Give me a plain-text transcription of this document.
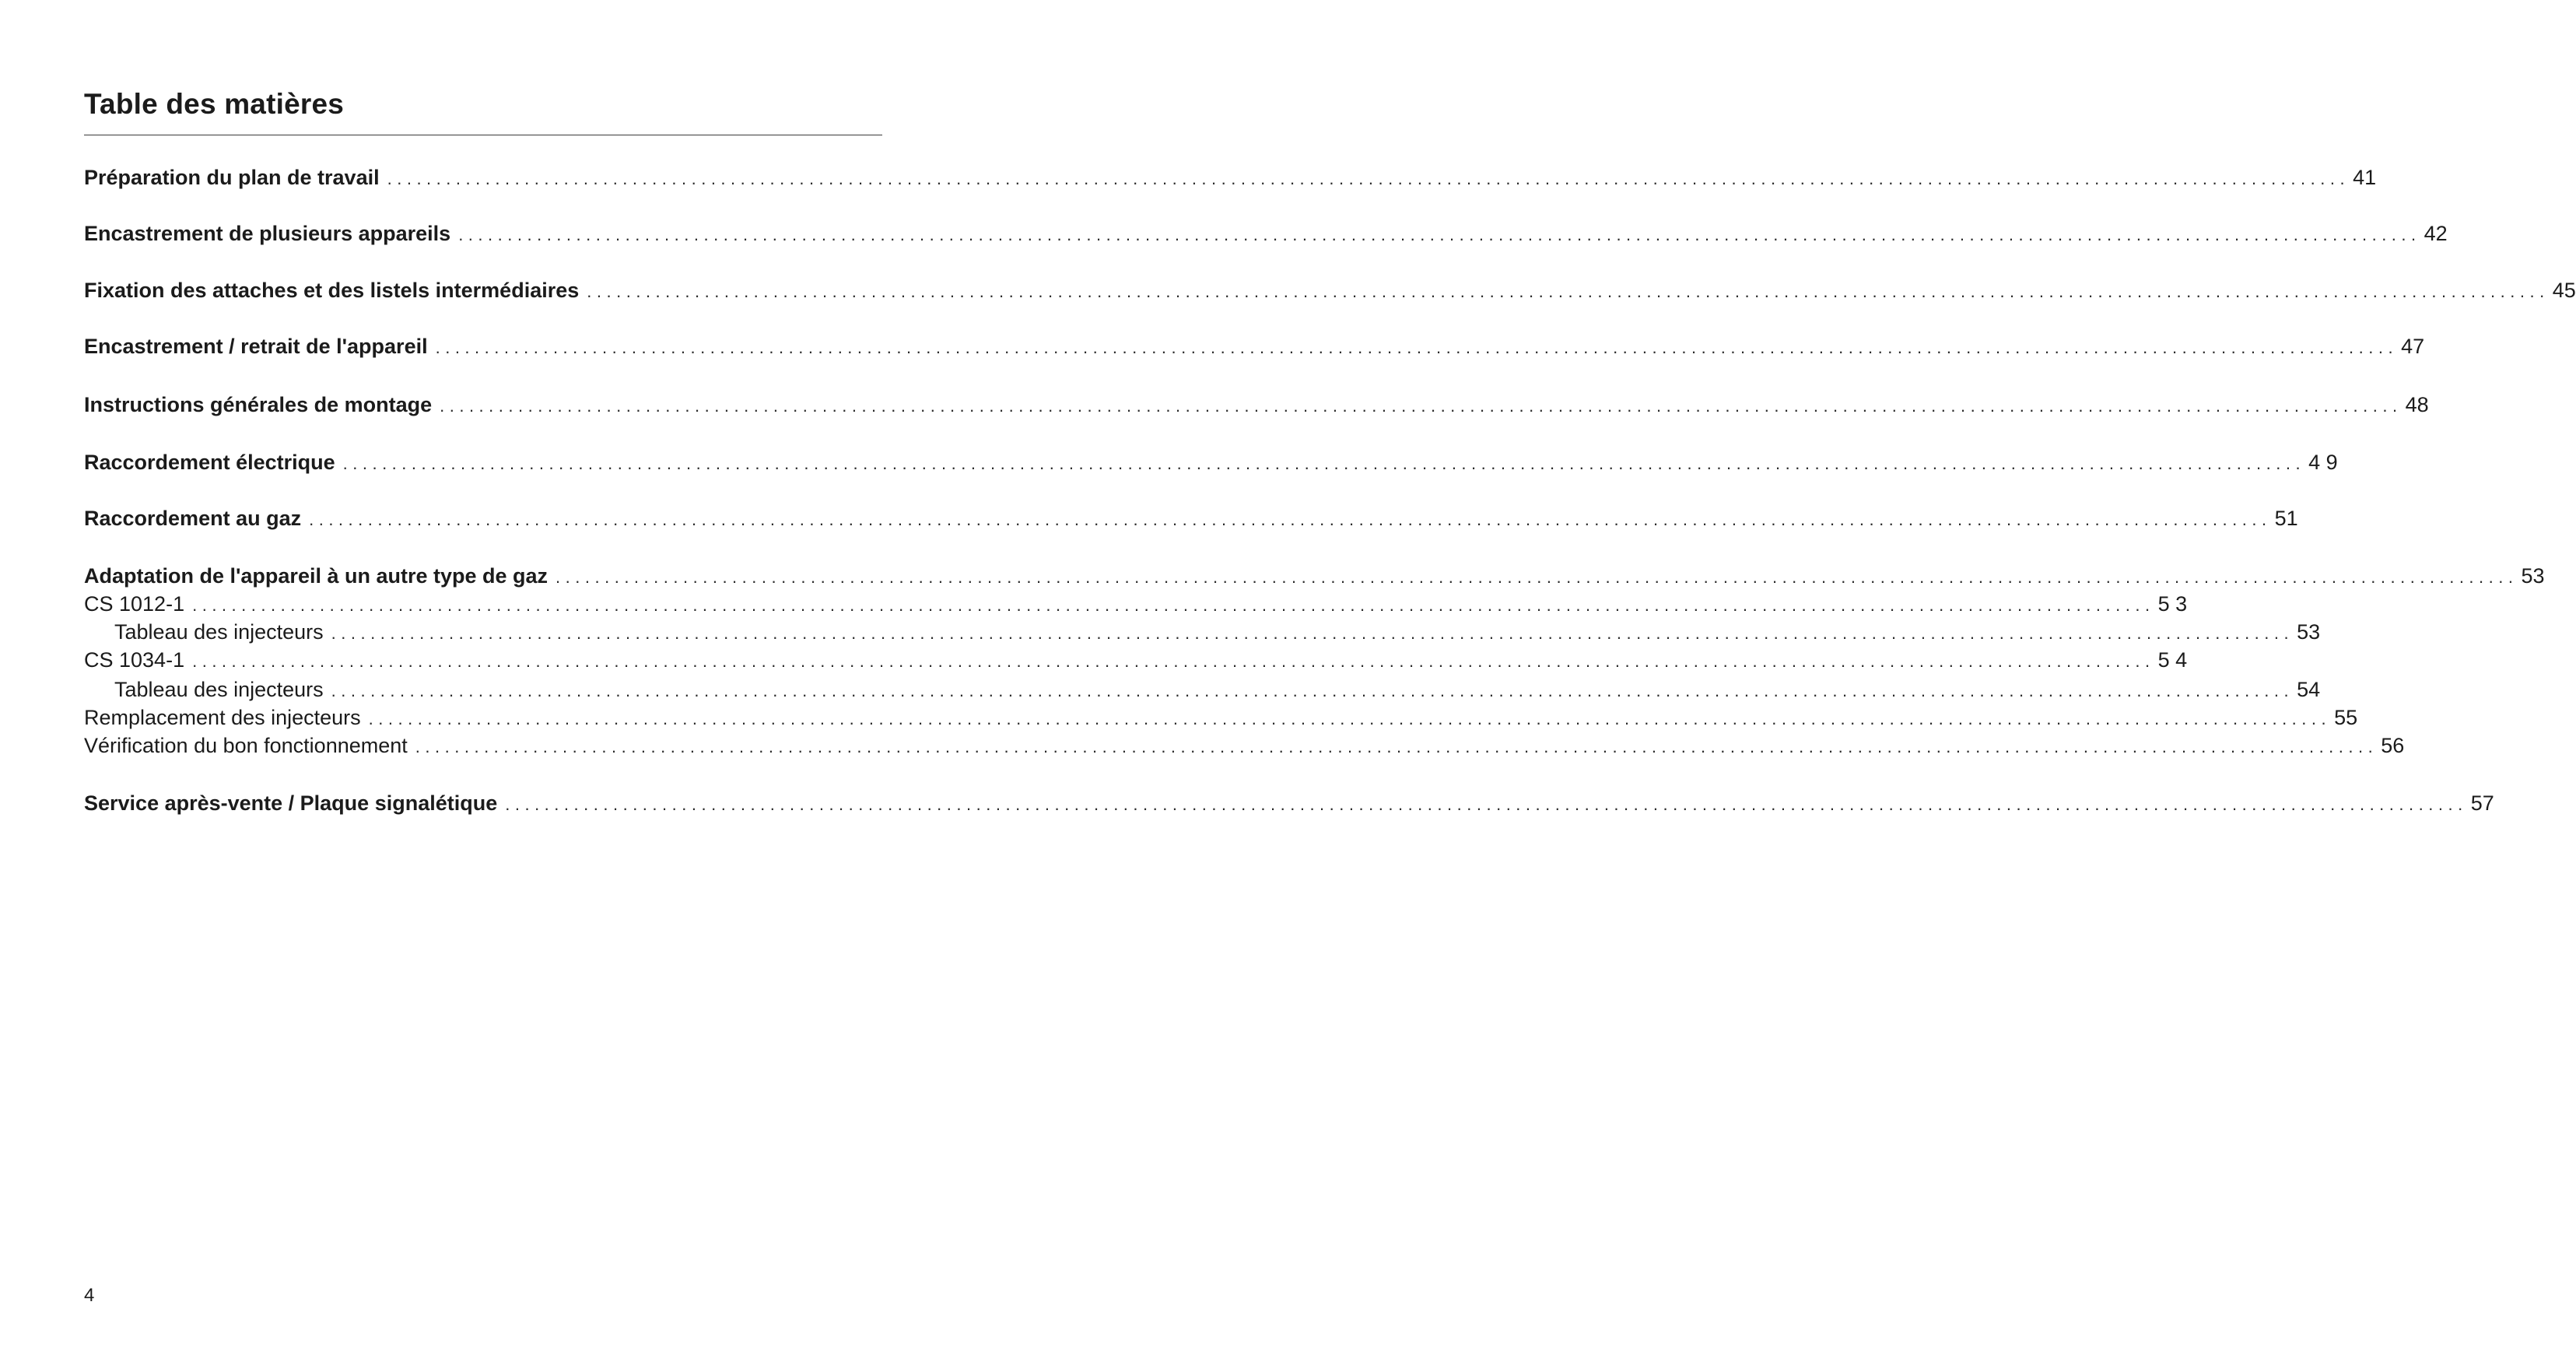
Table des matières
Préparation du plan de travail ........................................................................................................................................................................................................ 41
Encastrement de plusieurs appareils ........................................................................................................................................................................................................ 42
Fixation des attaches et des listels intermédiaires ........................................................................................................................................................................................................ 45
Encastrement / retrait de l'appareil ........................................................................................................................................................................................................ 47
Instructions générales de montage ........................................................................................................................................................................................................ 48
Raccordement électrique ........................................................................................................................................................................................................ 4 9
Raccordement au gaz ........................................................................................................................................................................................................ 51
Adaptation de l'appareil à un autre type de gaz ........................................................................................................................................................................................................ 53
CS 1012-1 ........................................................................................................................................................................................................ 5 3
Tableau des injecteurs ........................................................................................................................................................................................................ 53
CS 1034-1 ........................................................................................................................................................................................................ 5 4
Tableau des injecteurs ........................................................................................................................................................................................................ 54
Remplacement des injecteurs ........................................................................................................................................................................................................ 55
Vérification du bon fonctionnement ........................................................................................................................................................................................................ 56
Service après-vente / Plaque signalétique ........................................................................................................................................................................................................ 57
4
